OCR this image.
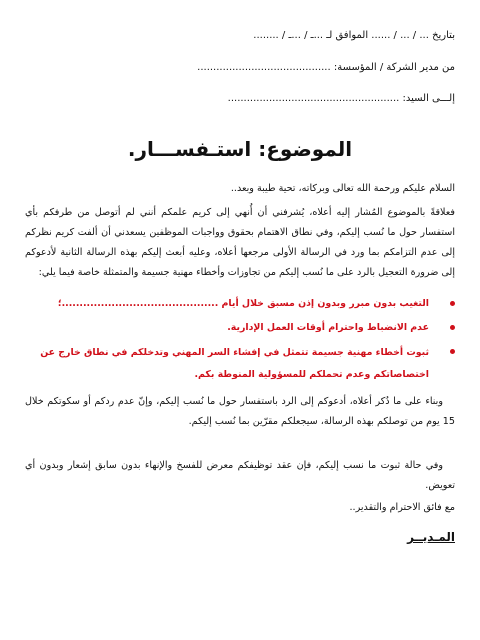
بتاريخ ... / ... / ...... الموافق لـ ...ـ / ...ـ / ........
من مدير الشركة / المؤسسة: ..........................................
إلـــى السيد: ......................................................
الموضوع: استـفســـار.
السلام عليكم ورحمة الله تعالى وبركاته، تحية طيبة وبعد..
فعلاقةً بالموضوع المُشار إليه أعلاه، يُشرفني أن أُنهي إلى كريم علمكم أنني لم أتوصل من طرفكم بأي استفسار حول ما نُسب إليكم، وفي نطاق الاهتمام بحقوق وواجبات الموظفين يسعدني أن ألفت كريم نظركم إلى عدم التزامكم بما ورد في الرسالة الأولى مرجعها أعلاه، وعليه أبعث إليكم بهذه الرسالة الثانية لأدعوكم إلى ضرورة التعجيل بالرد على ما نُسب إليكم من تجاوزات وأخطاء مهنية جسيمة والمتمثلة خاصة فيما يلي:
التغيب بدون مبرر وبدون إذن مسبق خلال أيام ............................................؛
عدم الانضباط واحترام أوقات العمل الإدارية.
ثبوت أخطاء مهنية جسيمة تتمثل في إفشاء السر المهني وتدخلكم في نطاق خارج عن اختصاصاتكم وعدم تحملكم للمسؤولية المنوطة بكم.
وبناء على ما ذُكر أعلاه، أدعوكم إلى الرد باستفسار حول ما نُسب إليكم، وإنّ عدم ردكم أو سكوتكم خلال 15 يوم من توصلكم بهذه الرسالة، سيجعلكم مقرّين بما نُسب إليكم.
وفي حالة ثبوت ما نسب إليكم، فإن عقد توظيفكم معرض للفسخ والإنهاء بدون سابق إشعار وبدون أي تعويض.
مع فائق الاحترام والتقدير..
المـديــر
